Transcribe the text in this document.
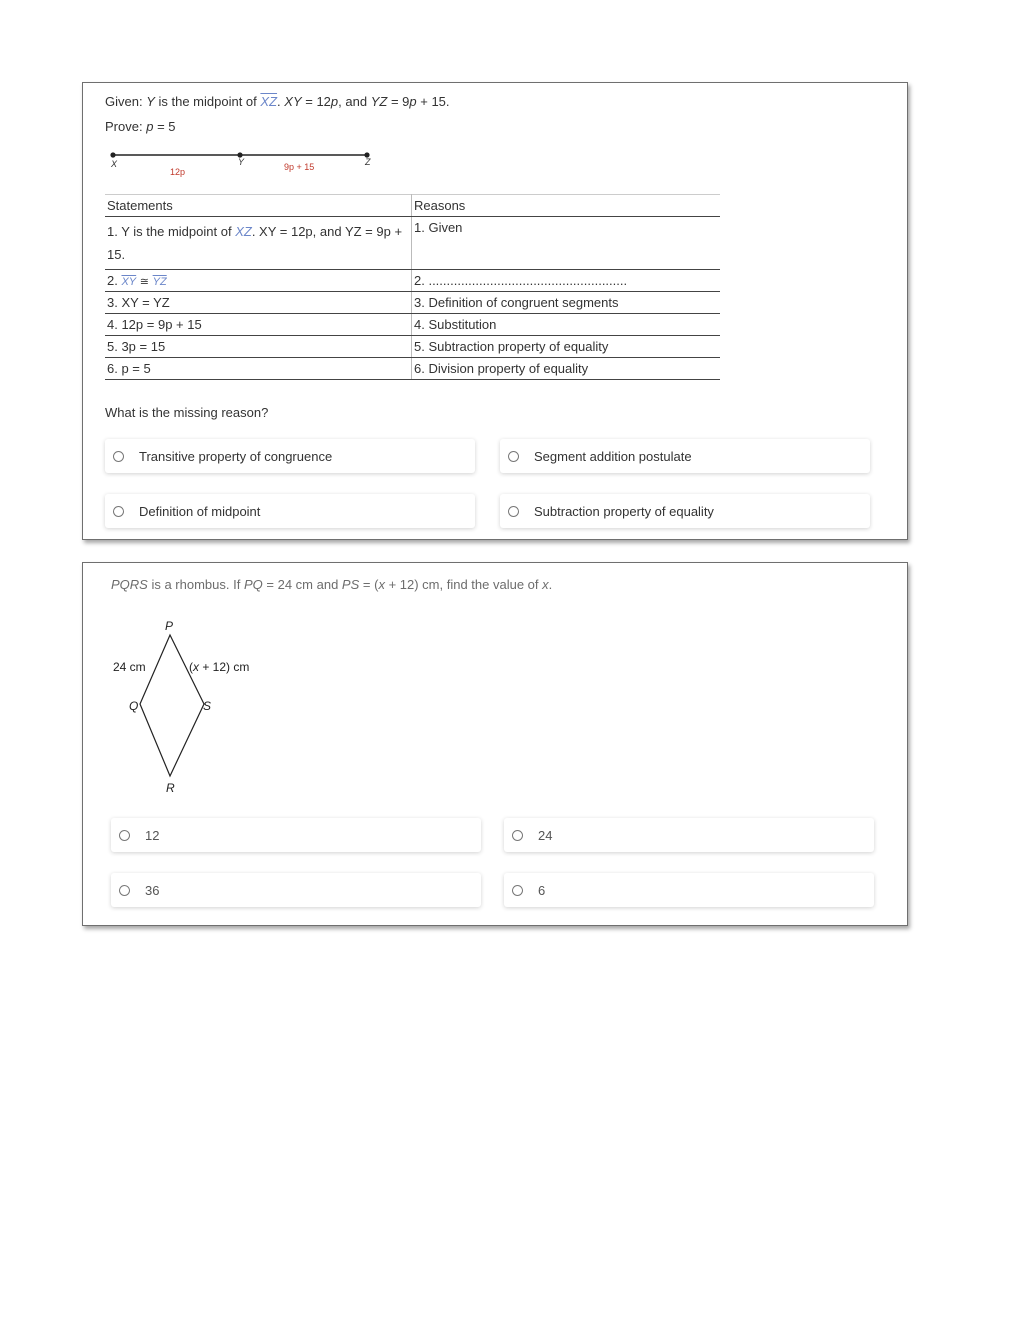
Given: Y is the midpoint of $\overline{XZ}$. XY = 12p, and YZ = 9p + 15.
Prove: p = 5
X	Y	Z
12p	9p + 15
Statements	Reasons
1. Y is the midpoint of XZ. XY = 12p, and YZ = 9p +
15.	1. Given
2. $\overline{XY}$ ≅ $\overline{YZ}$	2. .......................................................
3. XY = YZ	3. Definition of congruent segments
4. 12p = 9p + 15	4. Substitution
5. 3p = 15	5. Subtraction property of equality
6. p = 5	6. Division property of equality
What is the missing reason?
Transitive property of congruence	Segment addition postulate
Definition of midpoint	Subtraction property of equality
PQRS is a rhombus. If PQ = 24 cm and PS = (x + 12) cm, find the value of x.
P
Q	S
R
24 cm	(x + 12) cm
12	24
36	6
